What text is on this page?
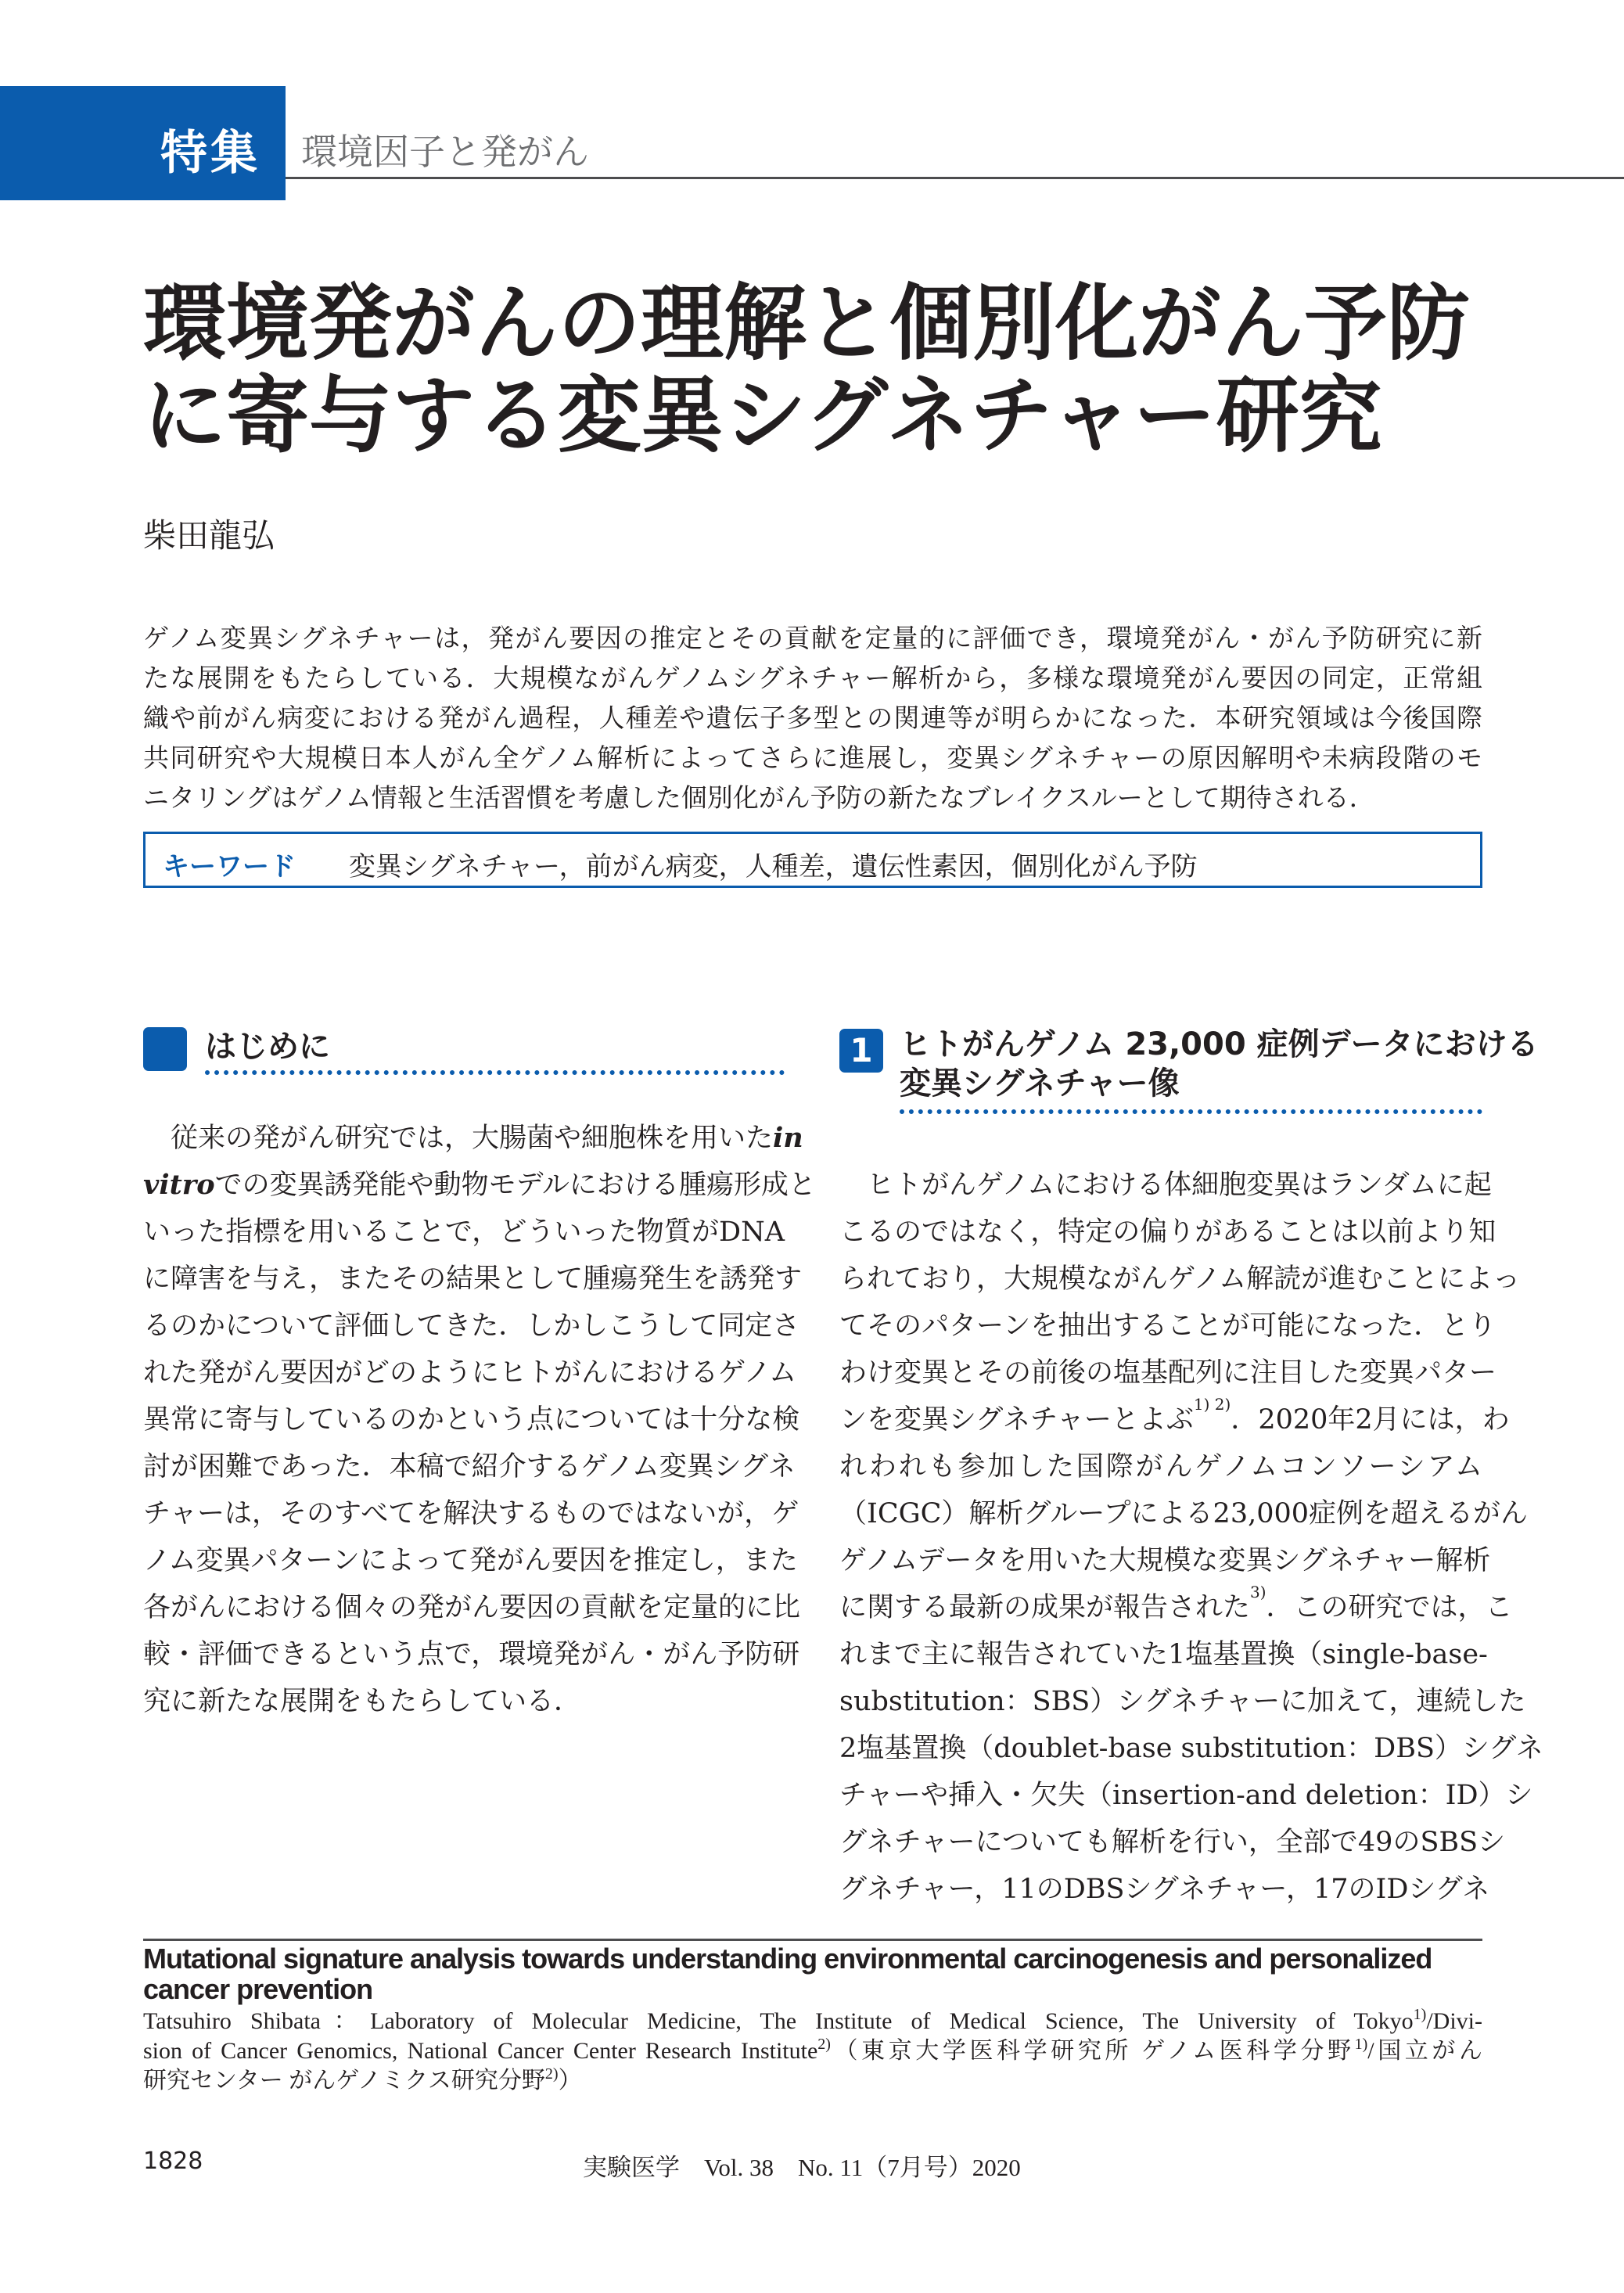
特集 環境因子と発がん
環境発がんの理解と個別化がん予防
に寄与する変異シグネチャー研究
柴田龍弘
ゲノム変異シグネチャーは，発がん要因の推定とその貢献を定量的に評価でき，環境発がん・がん予防研究に新
たな展開をもたらしている．大規模ながんゲノムシグネチャー解析から，多様な環境発がん要因の同定，正常組
織や前がん病変における発がん過程，人種差や遺伝子多型との関連等が明らかになった．本研究領域は今後国際
共同研究や大規模日本人がん全ゲノム解析によってさらに進展し，変異シグネチャーの原因解明や未病段階のモ
ニタリングはゲノム情報と生活習慣を考慮した個別化がん予防の新たなブレイクスルーとして期待される．
キーワード 変異シグネチャー，前がん病変，人種差，遺伝性素因，個別化がん予防
はじめに
　従来の発がん研究では，大腸菌や細胞株を用いたin
vitroでの変異誘発能や動物モデルにおける腫瘍形成と
いった指標を用いることで，どういった物質がDNA
に障害を与え，またその結果として腫瘍発生を誘発す
るのかについて評価してきた．しかしこうして同定さ
れた発がん要因がどのようにヒトがんにおけるゲノム
異常に寄与しているのかという点については十分な検
討が困難であった．本稿で紹介するゲノム変異シグネ
チャーは，そのすべてを解決するものではないが，ゲ
ノム変異パターンによって発がん要因を推定し，また
各がんにおける個々の発がん要因の貢献を定量的に比
較・評価できるという点で，環境発がん・がん予防研
究に新たな展開をもたらしている．
1 ヒトがんゲノム 23,000 症例データにおける
変異シグネチャー像
　ヒトがんゲノムにおける体細胞変異はランダムに起
こるのではなく，特定の偏りがあることは以前より知
られており，大規模ながんゲノム解読が進むことによっ
てそのパターンを抽出することが可能になった．とり
わけ変異とその前後の塩基配列に注目した変異パター
ンを変異シグネチャーとよぶ$^{1) 2)}$．2020年2月には，わ
れわれも参加した国際がんゲノムコンソーシアム
（ICGC）解析グループによる23,000症例を超えるがん
ゲノムデータを用いた大規模な変異シグネチャー解析
に関する最新の成果が報告された$^{3)}$．この研究では，こ
れまで主に報告されていた1塩基置換（single-base-
substitution：SBS）シグネチャーに加えて，連続した
2塩基置換（doublet-base substitution：DBS）シグネ
チャーや挿入・欠失（insertion-and deletion：ID）シ
グネチャーについても解析を行い，全部で49のSBSシ
グネチャー，11のDBSシグネチャー，17のIDシグネ
Mutational signature analysis towards understanding environmental carcinogenesis and personalized cancer prevention
Tatsuhiro Shibata：Laboratory of Molecular Medicine, The Institute of Medical Science, The University of Tokyo$^{1)}$/Divi-
sion of Cancer Genomics, National Cancer Center Research Institute$^{2)}$（東京大学医科学研究所 ゲノム医科学分野$^{1)}$/国立がん
研究センター がんゲノミクス研究分野$^{2)}$）
1828	実験医学　Vol. 38　No. 11（7月号）2020
